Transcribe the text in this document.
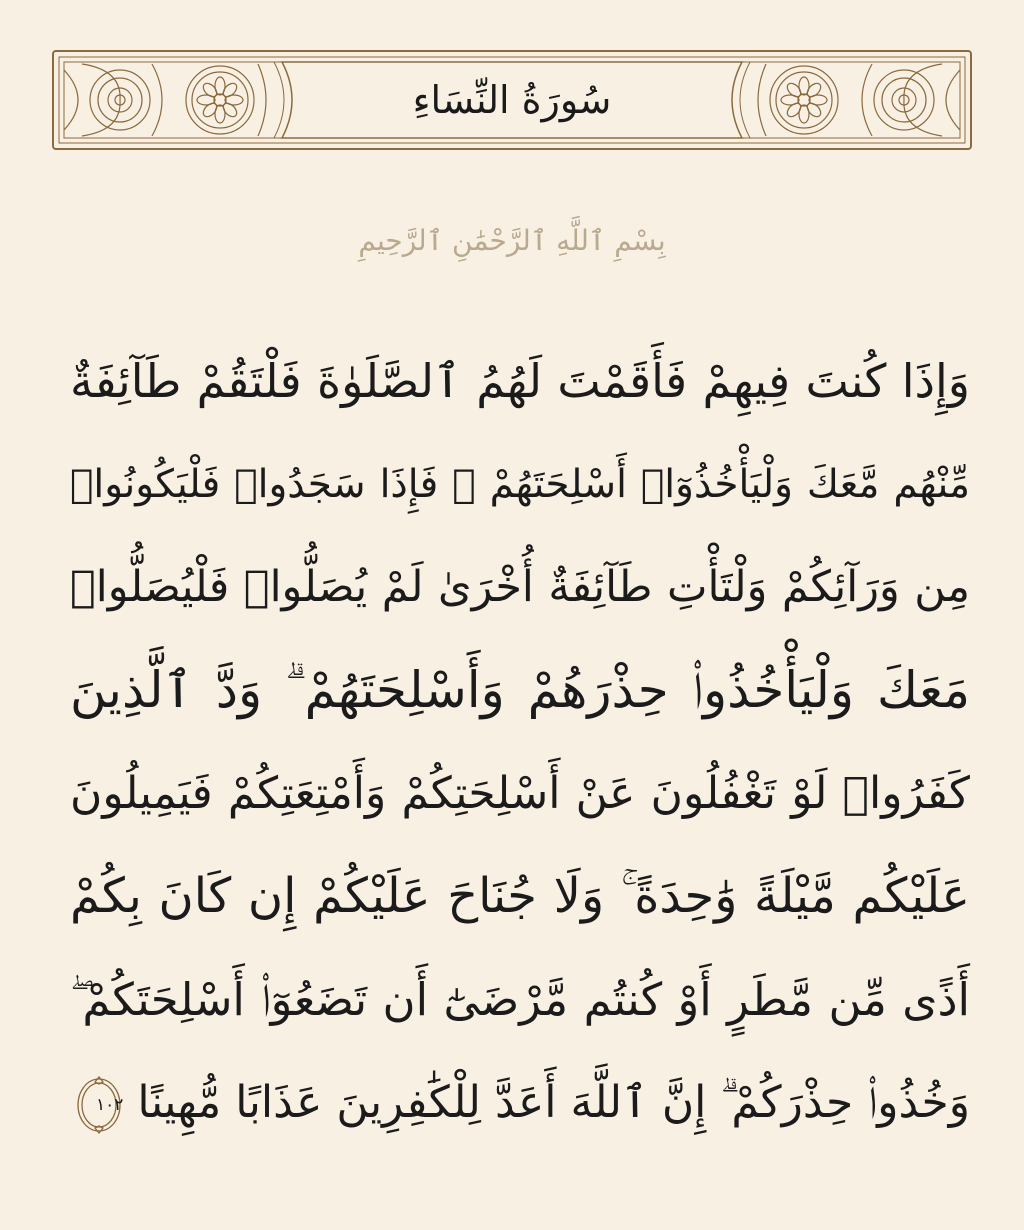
سُورَةُ النِّسَاءِ
بِسْمِ ٱللَّهِ ٱلرَّحْمَٰنِ ٱلرَّحِيمِ
وَإِذَا كُنتَ فِيهِمْ فَأَقَمْتَ لَهُمُ ٱلصَّلَوٰةَ فَلْتَقُمْ طَآئِفَةٌ
مِّنْهُم مَّعَكَ وَلْيَأْخُذُوٓا۟ أَسْلِحَتَهُمْ ۖ فَإِذَا سَجَدُوا۟ فَلْيَكُونُوا۟
مِن وَرَآئِكُمْ وَلْتَأْتِ طَآئِفَةٌ أُخْرَىٰ لَمْ يُصَلُّوا۟ فَلْيُصَلُّوا۟
مَعَكَ وَلْيَأْخُذُوا۟ حِذْرَهُمْ وَأَسْلِحَتَهُمْ ۗ وَدَّ ٱلَّذِينَ
كَفَرُوا۟ لَوْ تَغْفُلُونَ عَنْ أَسْلِحَتِكُمْ وَأَمْتِعَتِكُمْ فَيَمِيلُونَ
عَلَيْكُم مَّيْلَةً وَٰحِدَةً ۚ وَلَا جُنَاحَ عَلَيْكُمْ إِن كَانَ بِكُمْ
أَذًى مِّن مَّطَرٍ أَوْ كُنتُم مَّرْضَىٰٓ أَن تَضَعُوٓا۟ أَسْلِحَتَكُمْ ۖ
وَخُذُوا۟ حِذْرَكُمْ ۗ إِنَّ ٱللَّهَ أَعَدَّ لِلْكَٰفِرِينَ عَذَابًا مُّهِينًا
١٠٢
